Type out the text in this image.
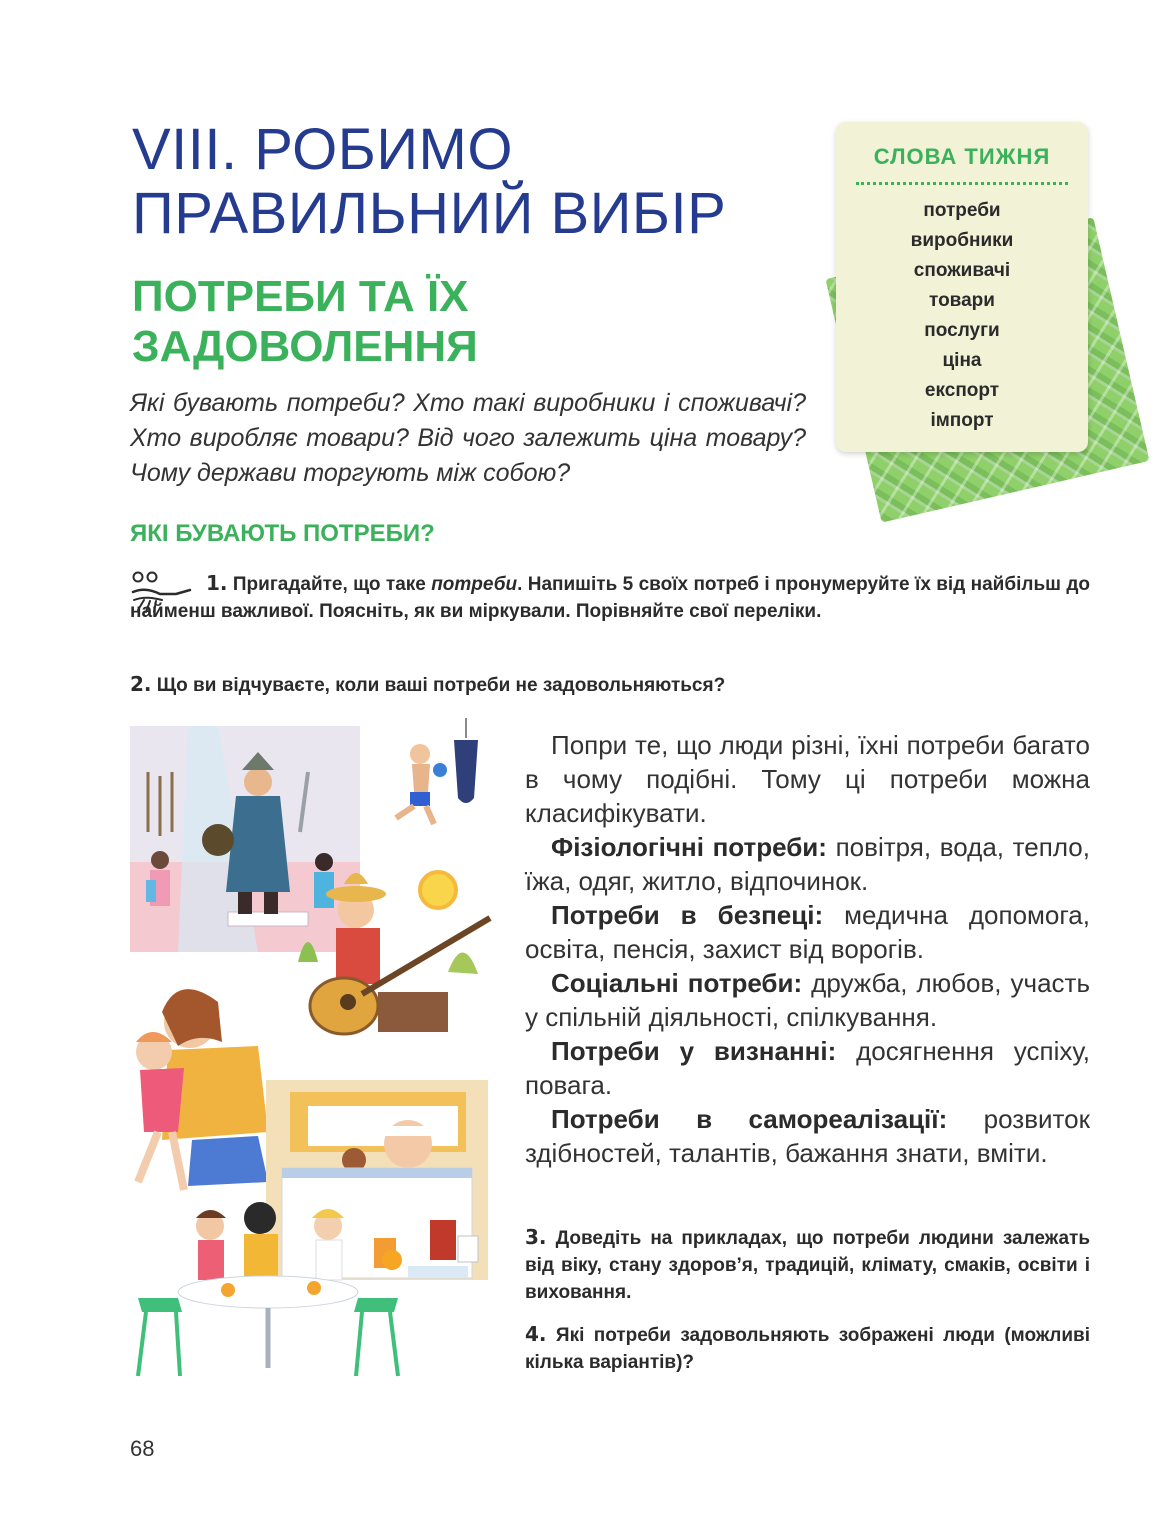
VIII. РОБИМО ПРАВИЛЬНИЙ ВИБІР
ПОТРЕБИ ТА ЇХ ЗАДОВОЛЕННЯ

Які бувають потреби? Хто такі виробники і споживачі? Хто виробляє товари? Від чого залежить ціна товару? Чому держави торгують між собою?

СЛОВА ТИЖНЯ
потреби
виробники
споживачі
товари
послуги
ціна
експорт
імпорт
ЯКІ БУВАЮТЬ ПОТРЕБИ?

1. Пригадайте, що таке потреби. Напишіть 5 своїх потреб і пронумеруйте їх від найбільш до найменш важливої. Поясніть, як ви міркували. Порівняйте свої переліки.

2. Що ви відчуваєте, коли ваші потреби не задовольняються?

Попри те, що люди різні, їхні потреби багато в чому подібні. Тому ці потреби можна класифікувати.

Фізіологічні потреби: повітря, вода, тепло, їжа, одяг, житло, відпочинок.

Потреби в безпеці: медична допомога, освіта, пенсія, захист від ворогів.

Соціальні потреби: дружба, любов, участь у спільній діяльності, спілкування.

Потреби у визнанні: досягнення успіху, повага.

Потреби в самореалізації: розвиток здібностей, талантів, бажання знати, вміти.

3. Доведіть на прикладах, що потреби людини залежать від віку, стану здоров’я, традицій, клімату, смаків, освіти і виховання.

4. Які потреби задовольняють зображені люди (можливі кілька варіантів)?

68
